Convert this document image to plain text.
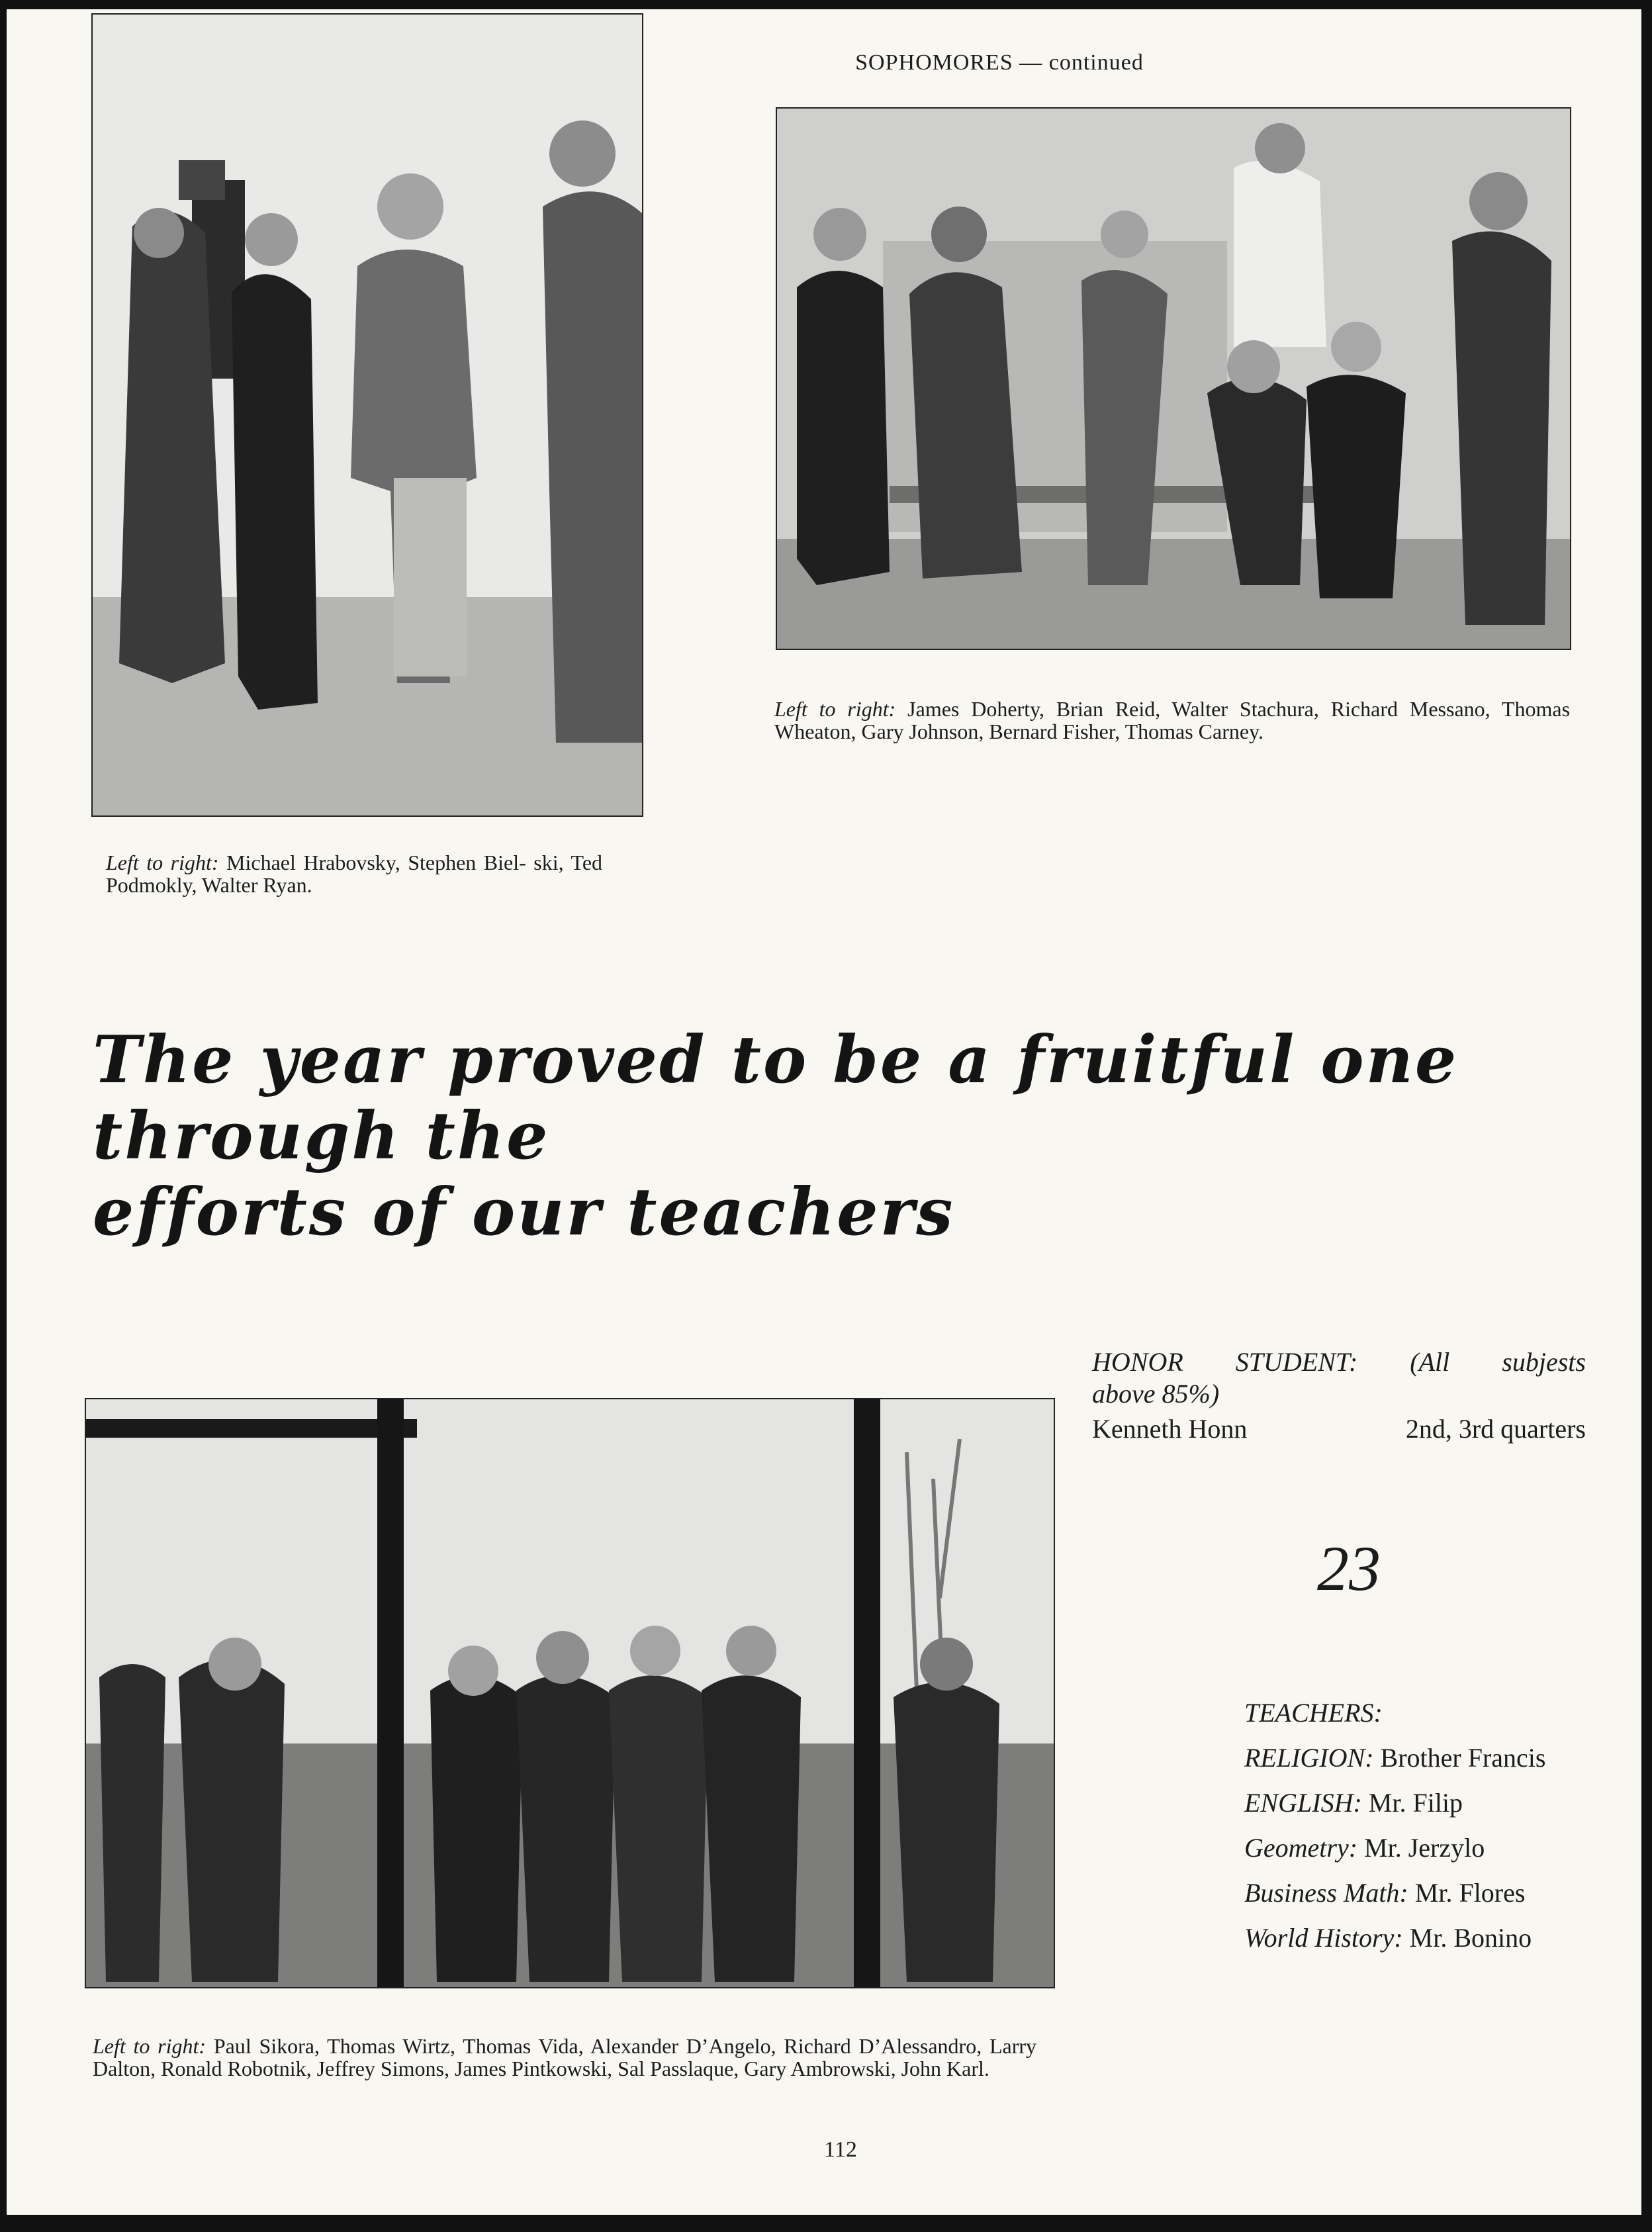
SOPHOMORES — continued
Left to right: James Doherty, Brian Reid, Walter Stachura, Richard Messano, Thomas Wheaton, Gary Johnson, Bernard Fisher, Thomas Carney.
Left to right: Michael Hrabovsky, Stephen Biel- ski, Ted Podmokly, Walter Ryan.
The year proved to be a fruitful one through the
efforts of our teachers
HONOR STUDENT: (All subjests
above 85%)
Kenneth Honn	2nd, 3rd quarters
23
TEACHERS:
RELIGION: Brother Francis
ENGLISH: Mr. Filip
Geometry: Mr. Jerzylo
Business Math: Mr. Flores
World History: Mr. Bonino
Left to right: Paul Sikora, Thomas Wirtz, Thomas Vida, Alexander D’Angelo, Richard D’Alessandro, Larry Dalton, Ronald Robotnik, Jeffrey Simons, James Pintkowski, Sal Passlaque, Gary Ambrowski, John Karl.
112
